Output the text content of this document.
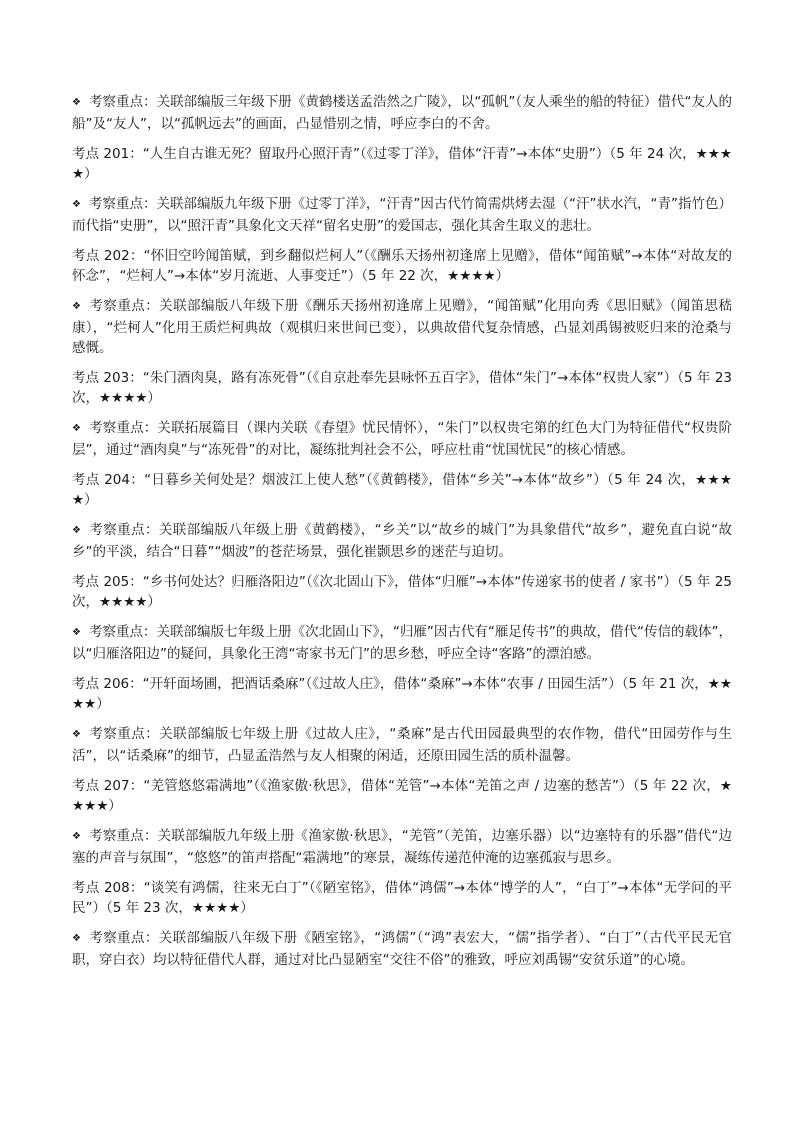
❖ 考察重点：关联部编版三年级下册《黄鹤楼送孟浩然之广陵》，以“孤帆”（友人乘坐的船的特征）借代“友人的船”及“友人”，以“孤帆远去”的画面，凸显惜别之情，呼应李白的不舍。

考点 201：“人生自古谁无死？留取丹心照汗青”（《过零丁洋》，借体“汗青”→本体“史册”）（5 年 24 次，★★★★）

❖ 考察重点：关联部编版九年级下册《过零丁洋》，“汗青”因古代竹简需烘烤去湿（“汗”状水汽，“青”指竹色）而代指“史册”，以“照汗青”具象化文天祥“留名史册”的爱国志，强化其舍生取义的悲壮。

考点 202：“怀旧空吟闻笛赋，到乡翻似烂柯人”（《酬乐天扬州初逢席上见赠》，借体“闻笛赋”→本体“对故友的怀念”，“烂柯人”→本体“岁月流逝、人事变迁”）（5 年 22 次，★★★★）

❖ 考察重点：关联部编版八年级下册《酬乐天扬州初逢席上见赠》，“闻笛赋”化用向秀《思旧赋》（闻笛思嵇康），“烂柯人”化用王质烂柯典故（观棋归来世间已变），以典故借代复杂情感，凸显刘禹锡被贬归来的沧桑与感慨。

考点 203：“朱门酒肉臭，路有冻死骨”（《自京赴奉先县咏怀五百字》，借体“朱门”→本体“权贵人家”）（5 年 23 次，★★★★）

❖ 考察重点：关联拓展篇目（课内关联《春望》忧民情怀），“朱门”以权贵宅第的红色大门为特征借代“权贵阶层”，通过“酒肉臭”与“冻死骨”的对比，凝练批判社会不公，呼应杜甫“忧国忧民”的核心情感。

考点 204：“日暮乡关何处是？烟波江上使人愁”（《黄鹤楼》，借体“乡关”→本体“故乡”）（5 年 24 次，★★★★）

❖ 考察重点：关联部编版八年级上册《黄鹤楼》，“乡关”以“故乡的城门”为具象借代“故乡”，避免直白说“故乡”的平淡，结合“日暮”“烟波”的苍茫场景，强化崔颢思乡的迷茫与迫切。

考点 205：“乡书何处达？归雁洛阳边”（《次北固山下》，借体“归雁”→本体“传递家书的使者 / 家书”）（5 年 25 次，★★★★）

❖ 考察重点：关联部编版七年级上册《次北固山下》，“归雁”因古代有“雁足传书”的典故，借代“传信的载体”，以“归雁洛阳边”的疑问，具象化王湾“寄家书无门”的思乡愁，呼应全诗“客路”的漂泊感。

考点 206：“开轩面场圃，把酒话桑麻”（《过故人庄》，借体“桑麻”→本体“农事 / 田园生活”）（5 年 21 次，★★★★）

❖ 考察重点：关联部编版七年级上册《过故人庄》，“桑麻”是古代田园最典型的农作物，借代“田园劳作与生活”，以“话桑麻”的细节，凸显孟浩然与友人相聚的闲适，还原田园生活的质朴温馨。

考点 207：“羌管悠悠霜满地”（《渔家傲·秋思》，借体“羌管”→本体“羌笛之声 / 边塞的愁苦”）（5 年 22 次，★★★★）

❖ 考察重点：关联部编版九年级上册《渔家傲·秋思》，“羌管”（羌笛，边塞乐器）以“边塞特有的乐器”借代“边塞的声音与氛围”，“悠悠”的笛声搭配“霜满地”的寒景，凝练传递范仲淹的边塞孤寂与思乡。

考点 208：“谈笑有鸿儒，往来无白丁”（《陋室铭》，借体“鸿儒”→本体“博学的人”，“白丁”→本体“无学问的平民”）（5 年 23 次，★★★★）

❖ 考察重点：关联部编版八年级下册《陋室铭》，“鸿儒”（“鸿”表宏大，“儒”指学者）、“白丁”（古代平民无官职，穿白衣）均以特征借代人群，通过对比凸显陋室“交往不俗”的雅致，呼应刘禹锡“安贫乐道”的心境。
